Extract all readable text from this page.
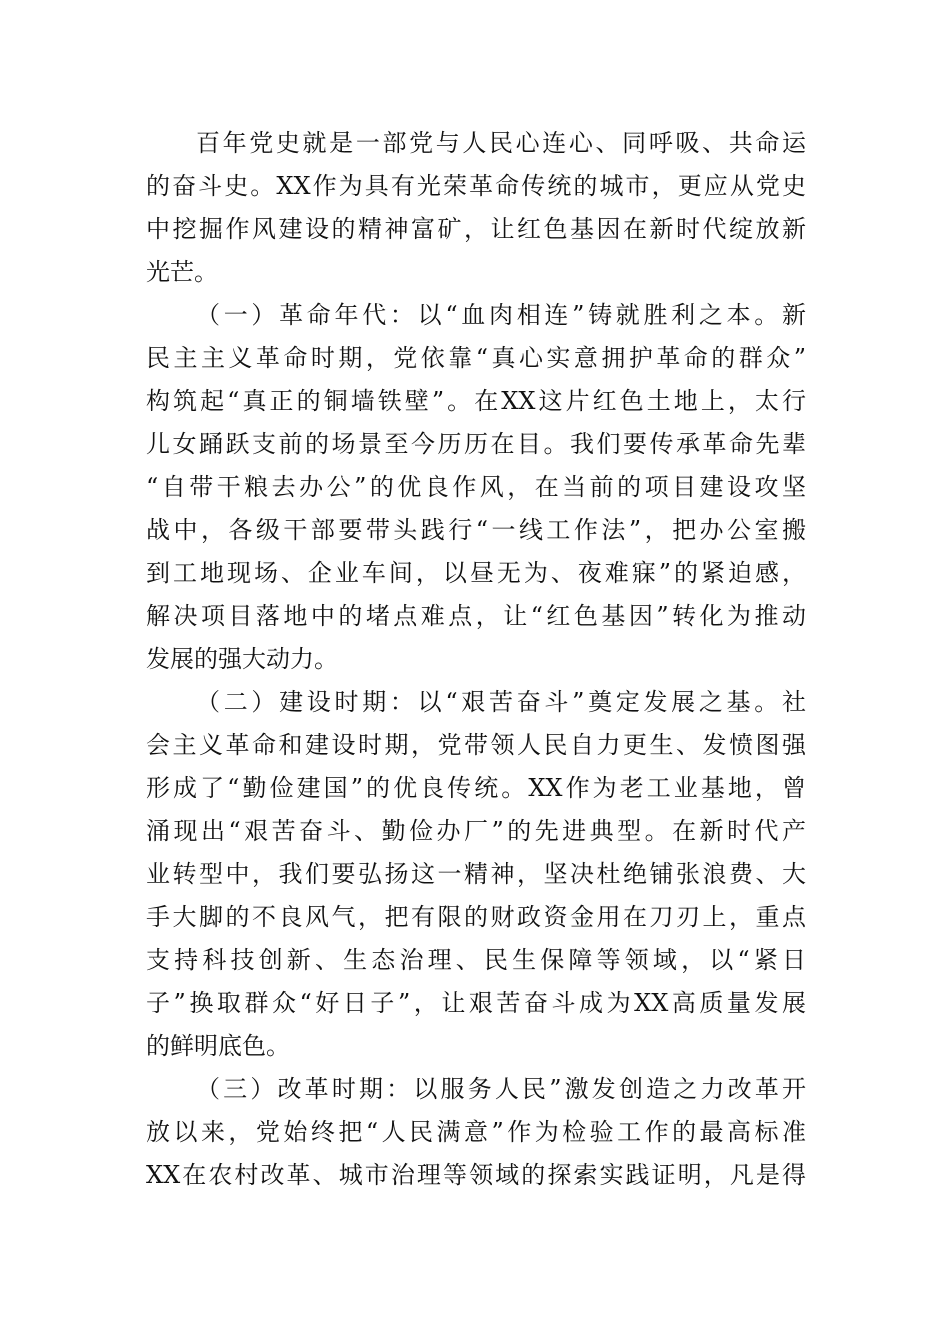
百年党史就是一部党与人民心连心、同呼吸、共命运
的奋斗史。XX作为具有光荣革命传统的城市，更应从党史
中挖掘作风建设的精神富矿，让红色基因在新时代绽放新
光芒。
（一）革命年代：以“血肉相连”铸就胜利之本。新
民主主义革命时期，党依靠“真心实意拥护革命的群众”
构筑起“真正的铜墙铁壁”。在XX这片红色土地上，太行
儿女踊跃支前的场景至今历历在目。我们要传承革命先辈
“自带干粮去办公”的优良作风，在当前的项目建设攻坚
战中，各级干部要带头践行“一线工作法”，把办公室搬
到工地现场、企业车间，以昼无为、夜难寐”的紧迫感，
解决项目落地中的堵点难点，让“红色基因”转化为推动
发展的强大动力。
（二）建设时期：以“艰苦奋斗”奠定发展之基。社
会主义革命和建设时期，党带领人民自力更生、发愤图强
形成了“勤俭建国”的优良传统。XX作为老工业基地，曾
涌现出“艰苦奋斗、勤俭办厂”的先进典型。在新时代产
业转型中，我们要弘扬这一精神，坚决杜绝铺张浪费、大
手大脚的不良风气，把有限的财政资金用在刀刃上，重点
支持科技创新、生态治理、民生保障等领域，以“紧日
子”换取群众“好日子”，让艰苦奋斗成为XX高质量发展
的鲜明底色。
（三）改革时期：以服务人民”激发创造之力改革开
放以来，党始终把“人民满意”作为检验工作的最高标准
XX在农村改革、城市治理等领域的探索实践证明，凡是得
